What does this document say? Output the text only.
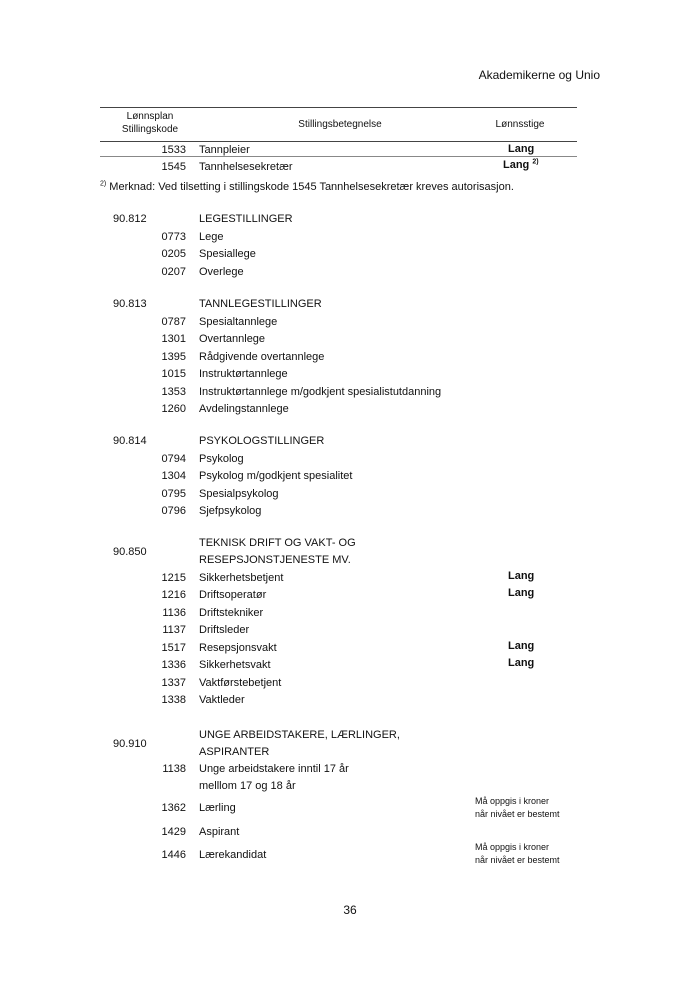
Akademikerne og Unio
Lønnsplan
Stillingskode	Stillingsbetegnelse	Lønnsstige
1533 Tannpleier	Lang
1545 Tannhelsesekretær	Lang $^{2)}$
$^{2)}$ Merknad: Ved tilsetting i stillingskode 1545 Tannhelsesekretær kreves autorisasjon.
90.812	LEGESTILLINGER
0773 Lege
0205 Spesiallege
0207 Overlege
90.813	TANNLEGESTILLINGER
0787 Spesialtannlege
1301 Overtannlege
1395 Rådgivende overtannlege
1015 Instruktørtannlege
1353 Instruktørtannlege m/godkjent spesialistutdanning
1260 Avdelingstannlege
90.814	PSYKOLOGSTILLINGER
0794 Psykolog
1304 Psykolog m/godkjent spesialitet
0795 Spesialpsykolog
0796 Sjefpsykolog
90.850
TEKNISK DRIFT OG VAKT- OG
RESEPSJONSTJENESTE MV.
1215 Sikkerhetsbetjent	Lang
1216 Driftsoperatør	Lang
1136 Driftstekniker
1137 Driftsleder
1517 Resepsjonsvakt	Lang
1336 Sikkerhetsvakt	Lang
1337 Vaktførstebetjent
1338 Vaktleder
90.910
UNGE ARBEIDSTAKERE, LÆRLINGER,
ASPIRANTER
1138 Unge arbeidstakere inntil 17 år
melllom 17 og 18 år
1362 Lærling
Må oppgis i kroner
når nivået er bestemt
1429 Aspirant
1446 Lærekandidat
Må oppgis i kroner
når nivået er bestemt
36
